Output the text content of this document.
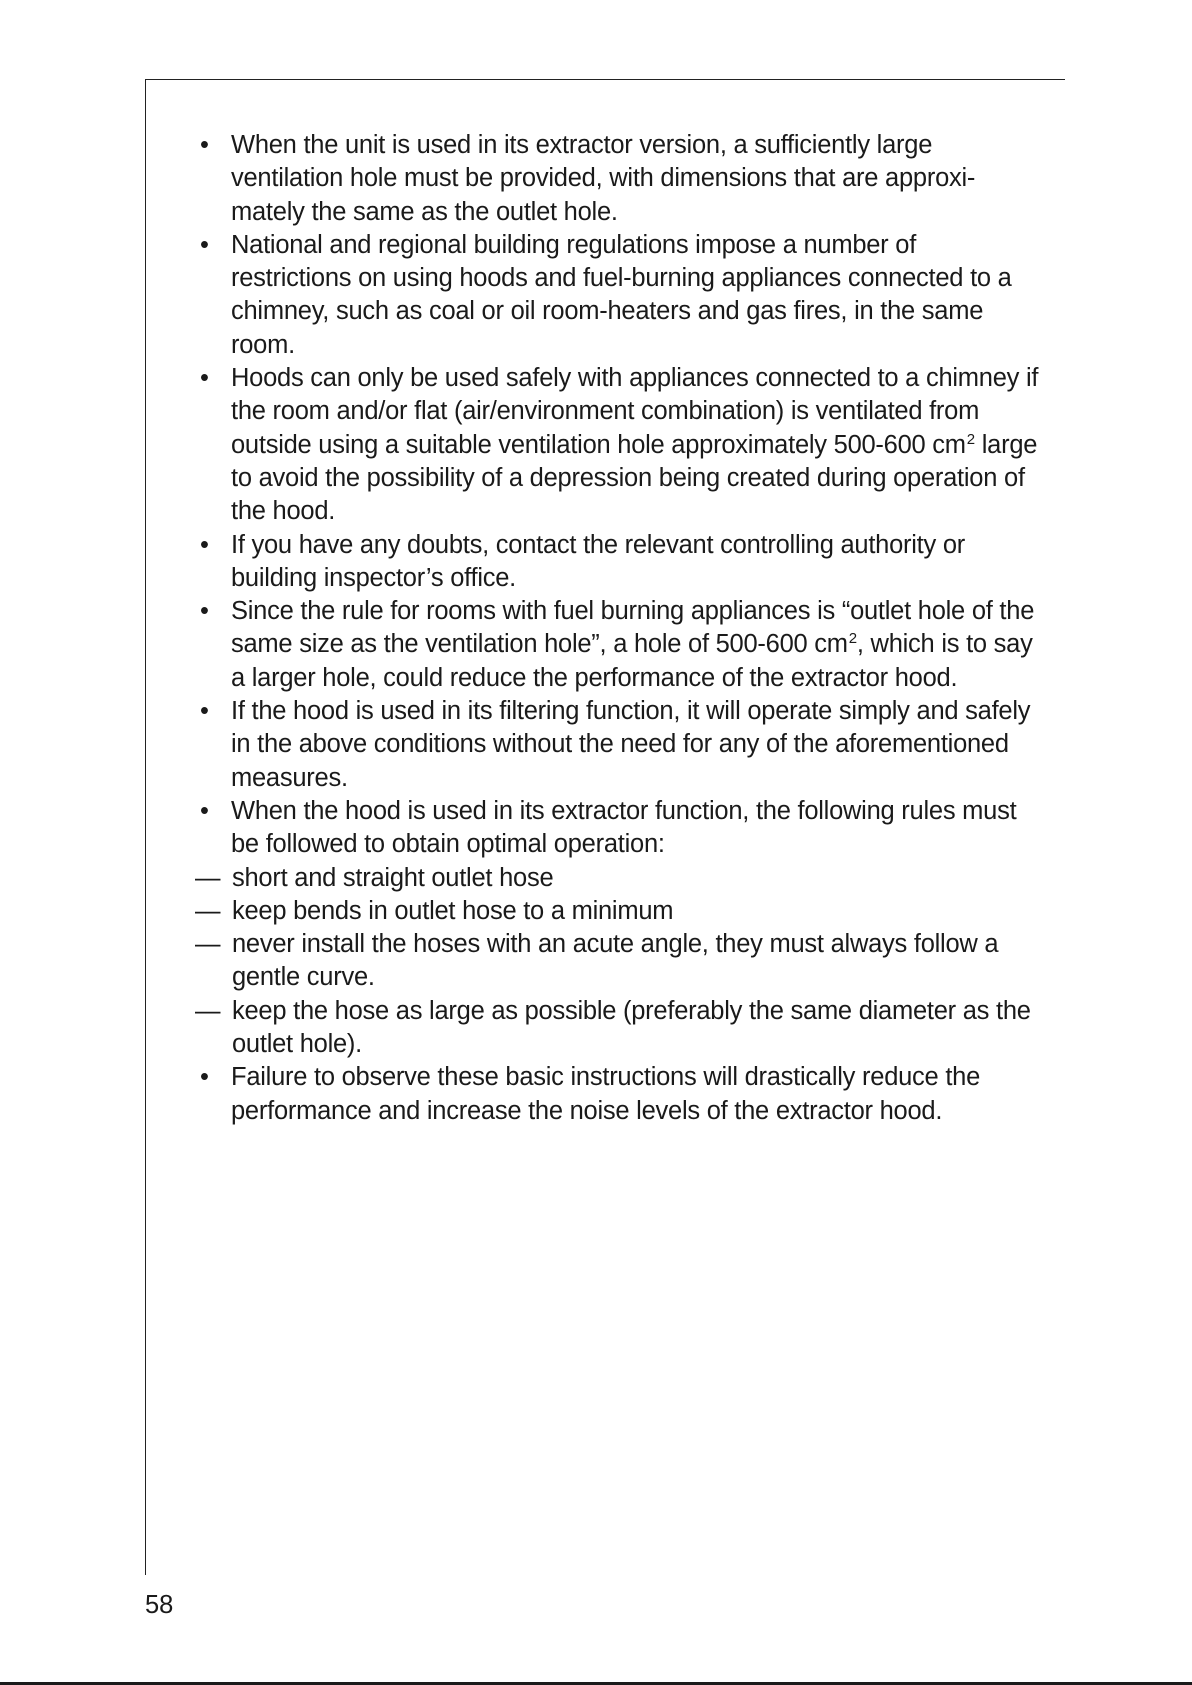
• When the unit is used in its extractor version, a sufficiently large ventilation hole must be provided, with dimensions that are approxi-mately the same as the outlet hole.
• National and regional building regulations impose a number of restrictions on using hoods and fuel-burning appliances connected to a chimney, such as coal or oil room-heaters and gas fires, in the same room.
• Hoods can only be used safely with appliances connected to a chimney if the room and/or flat (air/environment combination) is ventilated from outside using a suitable ventilation hole approximately 500-600 $cm^2$ large to avoid the possibility of a depression being created during operation of the hood.
• If you have any doubts, contact the relevant controlling authority or building inspector’s office.
• Since the rule for rooms with fuel burning appliances is “outlet hole of the same size as the ventilation hole”, a hole of 500-600 $cm^2$, which is to say a larger hole, could reduce the performance of the extractor hood.
• If the hood is used in its filtering function, it will operate simply and safely in the above conditions without the need for any of the aforementioned measures.
• When the hood is used in its extractor function, the following rules must be followed to obtain optimal operation:
— short and straight outlet hose
— keep bends in outlet hose to a minimum
— never install the hoses with an acute angle, they must always follow a gentle curve.
— keep the hose as large as possible (preferably the same diameter as the outlet hole).
• Failure to observe these basic instructions will drastically reduce the performance and increase the noise levels of the extractor hood.
58
